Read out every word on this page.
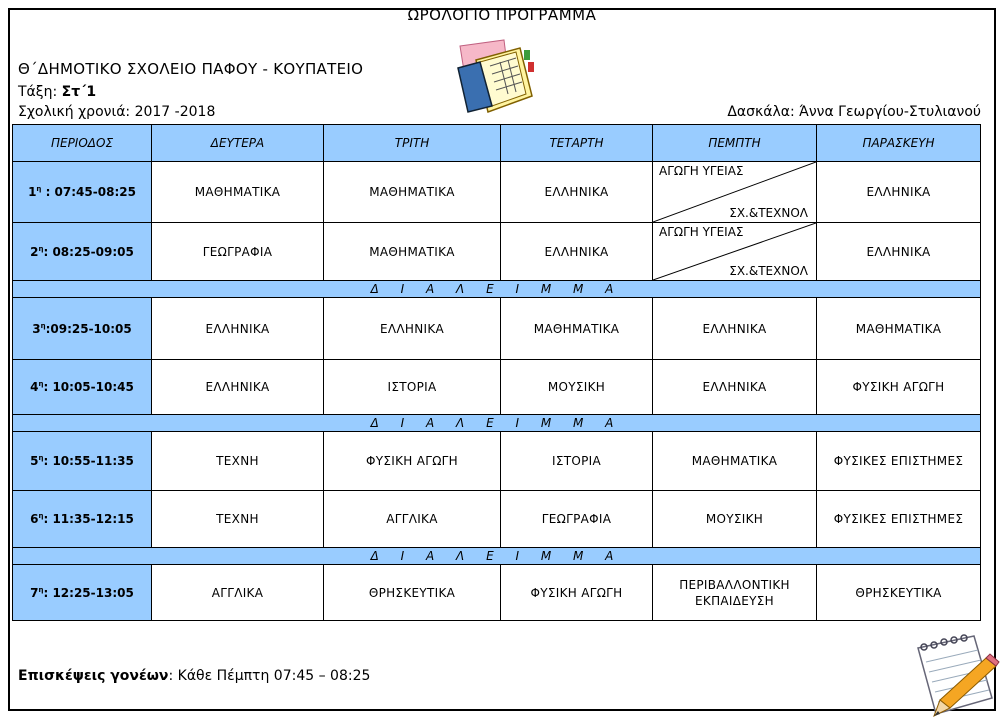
ΩΡΟΛΟΓΙΟ ΠΡΟΓΡΑΜΜΑ
Θ΄ΔΗΜΟΤΙΚΟ ΣΧΟΛΕΙΟ ΠΑΦΟΥ - ΚΟΥΠΑΤΕΙΟ
Τάξη: Στ΄1
Σχολική χρονιά: 2017 -2018	Δασκάλα: Άννα Γεωργίου-Στυλιανού
ΠΕΡΙΟΔΟΣ	ΔΕΥΤΕΡΑ	ΤΡΙΤΗ	ΤΕΤΑΡΤΗ	ΠΕΜΠΤΗ	ΠΑΡΑΣΚΕΥΗ
$1^\eta$ : 07:45-08:25	ΜΑΘΗΜΑΤΙΚΑ	ΜΑΘΗΜΑΤΙΚΑ	ΕΛΛΗΝΙΚΑ	ΑΓΩΓΗ ΥΓΕΙΑΣ
ΣΧ.&ΤΕΧΝΟΛ	ΕΛΛΗΝΙΚΑ
$2^\eta$: 08:25-09:05	ΓΕΩΓΡΑΦΙΑ	ΜΑΘΗΜΑΤΙΚΑ	ΕΛΛΗΝΙΚΑ	ΑΓΩΓΗ ΥΓΕΙΑΣ
ΣΧ.&ΤΕΧΝΟΛ	ΕΛΛΗΝΙΚΑ
Δ Ι Α Λ Ε Ι Μ Μ Α					
$3^\eta:09:25-10:05$	ΕΛΛΗΝΙΚΑ	ΕΛΛΗΝΙΚΑ	ΜΑΘΗΜΑΤΙΚΑ	ΕΛΛΗΝΙΚΑ	ΜΑΘΗΜΑΤΙΚΑ
$4^\eta$: 10:05-10:45	ΕΛΛΗΝΙΚΑ	ΙΣΤΟΡΙΑ	ΜΟΥΣΙΚΗ	ΕΛΛΗΝΙΚΑ	ΦΥΣΙΚΗ ΑΓΩΓΗ
Δ Ι Α Λ Ε Ι Μ Μ Α					
$5^\eta$: 10:55-11:35	ΤΕΧΝΗ	ΦΥΣΙΚΗ ΑΓΩΓΗ	ΙΣΤΟΡΙΑ	ΜΑΘΗΜΑΤΙΚΑ	ΦΥΣΙΚΕΣ ΕΠΙΣΤΗΜΕΣ
$6^\eta$: 11:35-12:15	ΤΕΧΝΗ	ΑΓΓΛΙΚΑ	ΓΕΩΓΡΑΦΙΑ	ΜΟΥΣΙΚΗ	ΦΥΣΙΚΕΣ ΕΠΙΣΤΗΜΕΣ
Δ Ι Α Λ Ε Ι Μ Μ Α					
$7^\eta$: 12:25-13:05	ΑΓΓΛΙΚΑ	ΘΡΗΣΚΕΥΤΙΚΑ	ΦΥΣΙΚΗ ΑΓΩΓΗ	ΠΕΡΙΒΑΛΛΟΝΤΙΚΗ
ΕΚΠΑΙΔΕΥΣΗ	ΘΡΗΣΚΕΥΤΙΚΑ
Επισκέψεις γονέων: Κάθε Πέμπτη 07:45 – 08:25
